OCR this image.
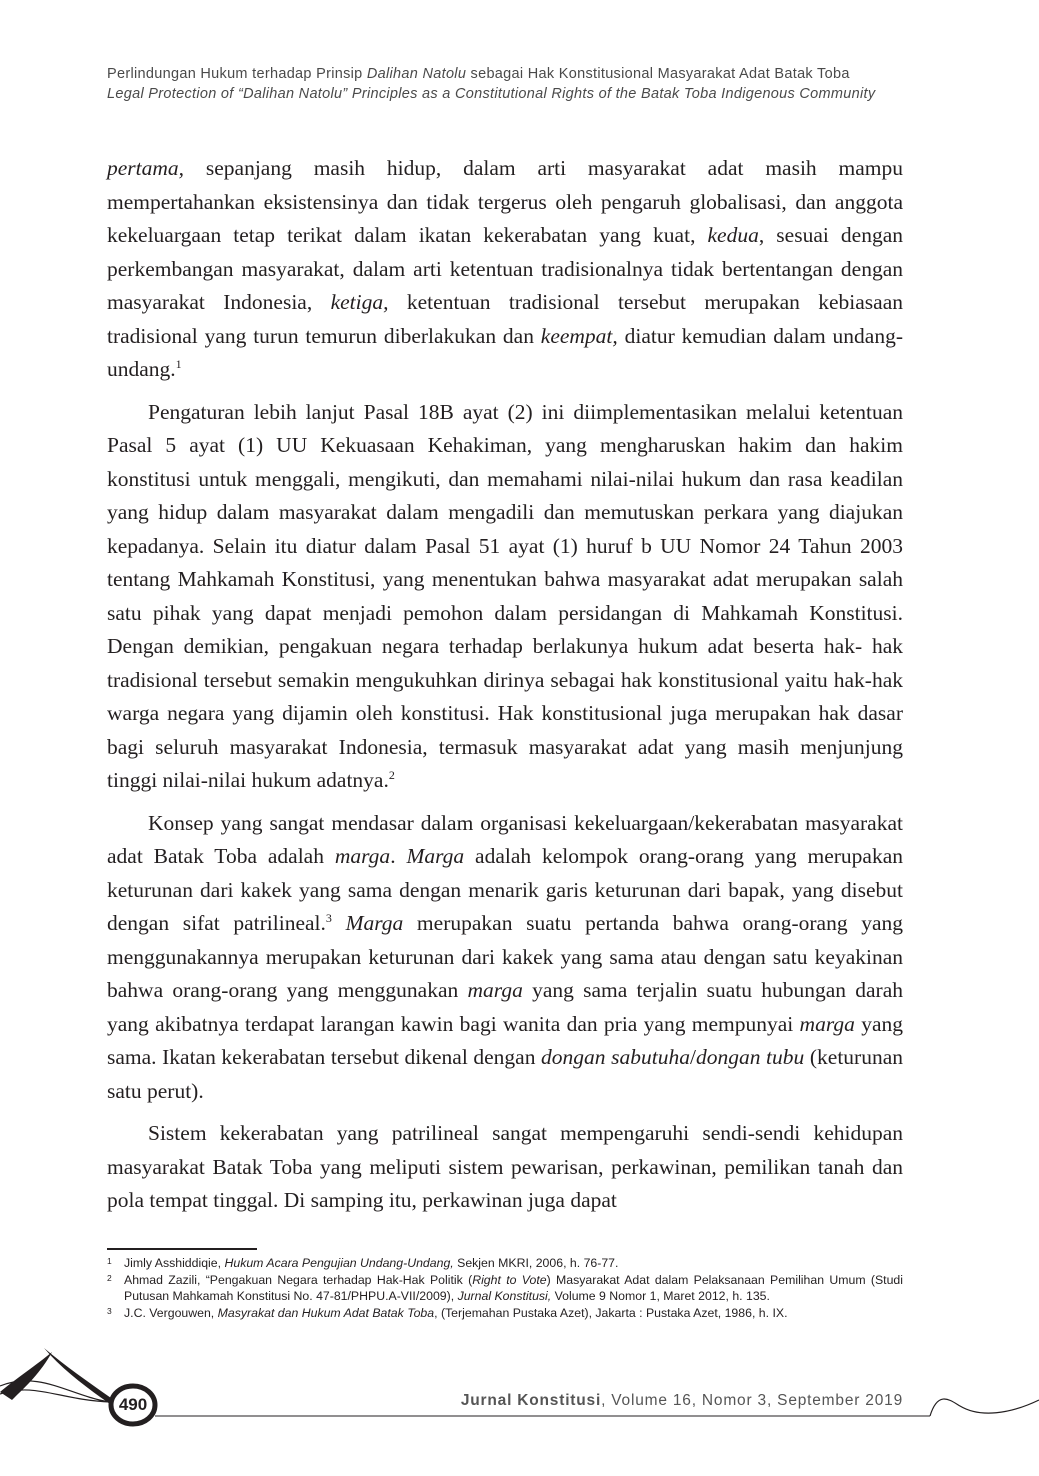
Perlindungan Hukum terhadap Prinsip Dalihan Natolu sebagai Hak Konstitusional Masyarakat Adat Batak Toba
Legal Protection of “Dalihan Natolu” Principles as a Constitutional Rights of the Batak Toba Indigenous Community

pertama, sepanjang masih hidup, dalam arti masyarakat adat masih mampu mempertahankan eksistensinya dan tidak tergerus oleh pengaruh globalisasi, dan anggota kekeluargaan tetap terikat dalam ikatan kekerabatan yang kuat, kedua, sesuai dengan perkembangan masyarakat, dalam arti ketentuan tradisionalnya tidak bertentangan dengan masyarakat Indonesia, ketiga, ketentuan tradisional tersebut merupakan kebiasaan tradisional yang turun temurun diberlakukan dan keempat, diatur kemudian dalam undang-undang.$^1$

Pengaturan lebih lanjut Pasal 18B ayat (2) ini diimplementasikan melalui ketentuan Pasal 5 ayat (1) UU Kekuasaan Kehakiman, yang mengharuskan hakim dan hakim konstitusi untuk menggali, mengikuti, dan memahami nilai-nilai hukum dan rasa keadilan yang hidup dalam masyarakat dalam mengadili dan memutuskan perkara yang diajukan kepadanya. Selain itu diatur dalam Pasal 51 ayat (1) huruf b UU Nomor 24 Tahun 2003 tentang Mahkamah Konstitusi, yang menentukan bahwa masyarakat adat merupakan salah satu pihak yang dapat menjadi pemohon dalam persidangan di Mahkamah Konstitusi. Dengan demikian, pengakuan negara terhadap berlakunya hukum adat beserta hak- hak tradisional tersebut semakin mengukuhkan dirinya sebagai hak konstitusional yaitu hak-hak warga negara yang dijamin oleh konstitusi. Hak konstitusional juga merupakan hak dasar bagi seluruh masyarakat Indonesia, termasuk masyarakat adat yang masih menjunjung tinggi nilai-nilai hukum adatnya.$^2$

Konsep yang sangat mendasar dalam organisasi kekeluargaan/kekerabatan masyarakat adat Batak Toba adalah marga. Marga adalah kelompok orang-orang yang merupakan keturunan dari kakek yang sama dengan menarik garis keturunan dari bapak, yang disebut dengan sifat patrilineal.$^3$ Marga merupakan suatu pertanda bahwa orang-orang yang menggunakannya merupakan keturunan dari kakek yang sama atau dengan satu keyakinan bahwa orang-orang yang menggunakan marga yang sama terjalin suatu hubungan darah yang akibatnya terdapat larangan kawin bagi wanita dan pria yang mempunyai marga yang sama. Ikatan kekerabatan tersebut dikenal dengan dongan sabutuha/dongan tubu (keturunan satu perut).

Sistem kekerabatan yang patrilineal sangat mempengaruhi sendi-sendi kehidupan masyarakat Batak Toba yang meliputi sistem pewarisan, perkawinan, pemilikan tanah dan pola tempat tinggal. Di samping itu, perkawinan juga dapat

1 Jimly Asshiddiqie, Hukum Acara Pengujian Undang-Undang, Sekjen MKRI, 2006, h. 76-77.
2 Ahmad Zazili, “Pengakuan Negara terhadap Hak-Hak Politik (Right to Vote) Masyarakat Adat dalam Pelaksanaan Pemilihan Umum (Studi Putusan Mahkamah Konstitusi No. 47-81/PHPU.A-VII/2009), Jurnal Konstitusi, Volume 9 Nomor 1, Maret 2012, h. 135.
3 J.C. Vergouwen, Masyrakat dan Hukum Adat Batak Toba, (Terjemahan Pustaka Azet), Jakarta : Pustaka Azet, 1986, h. IX.
490	Jurnal Konstitusi, Volume 16, Nomor 3, September 2019
